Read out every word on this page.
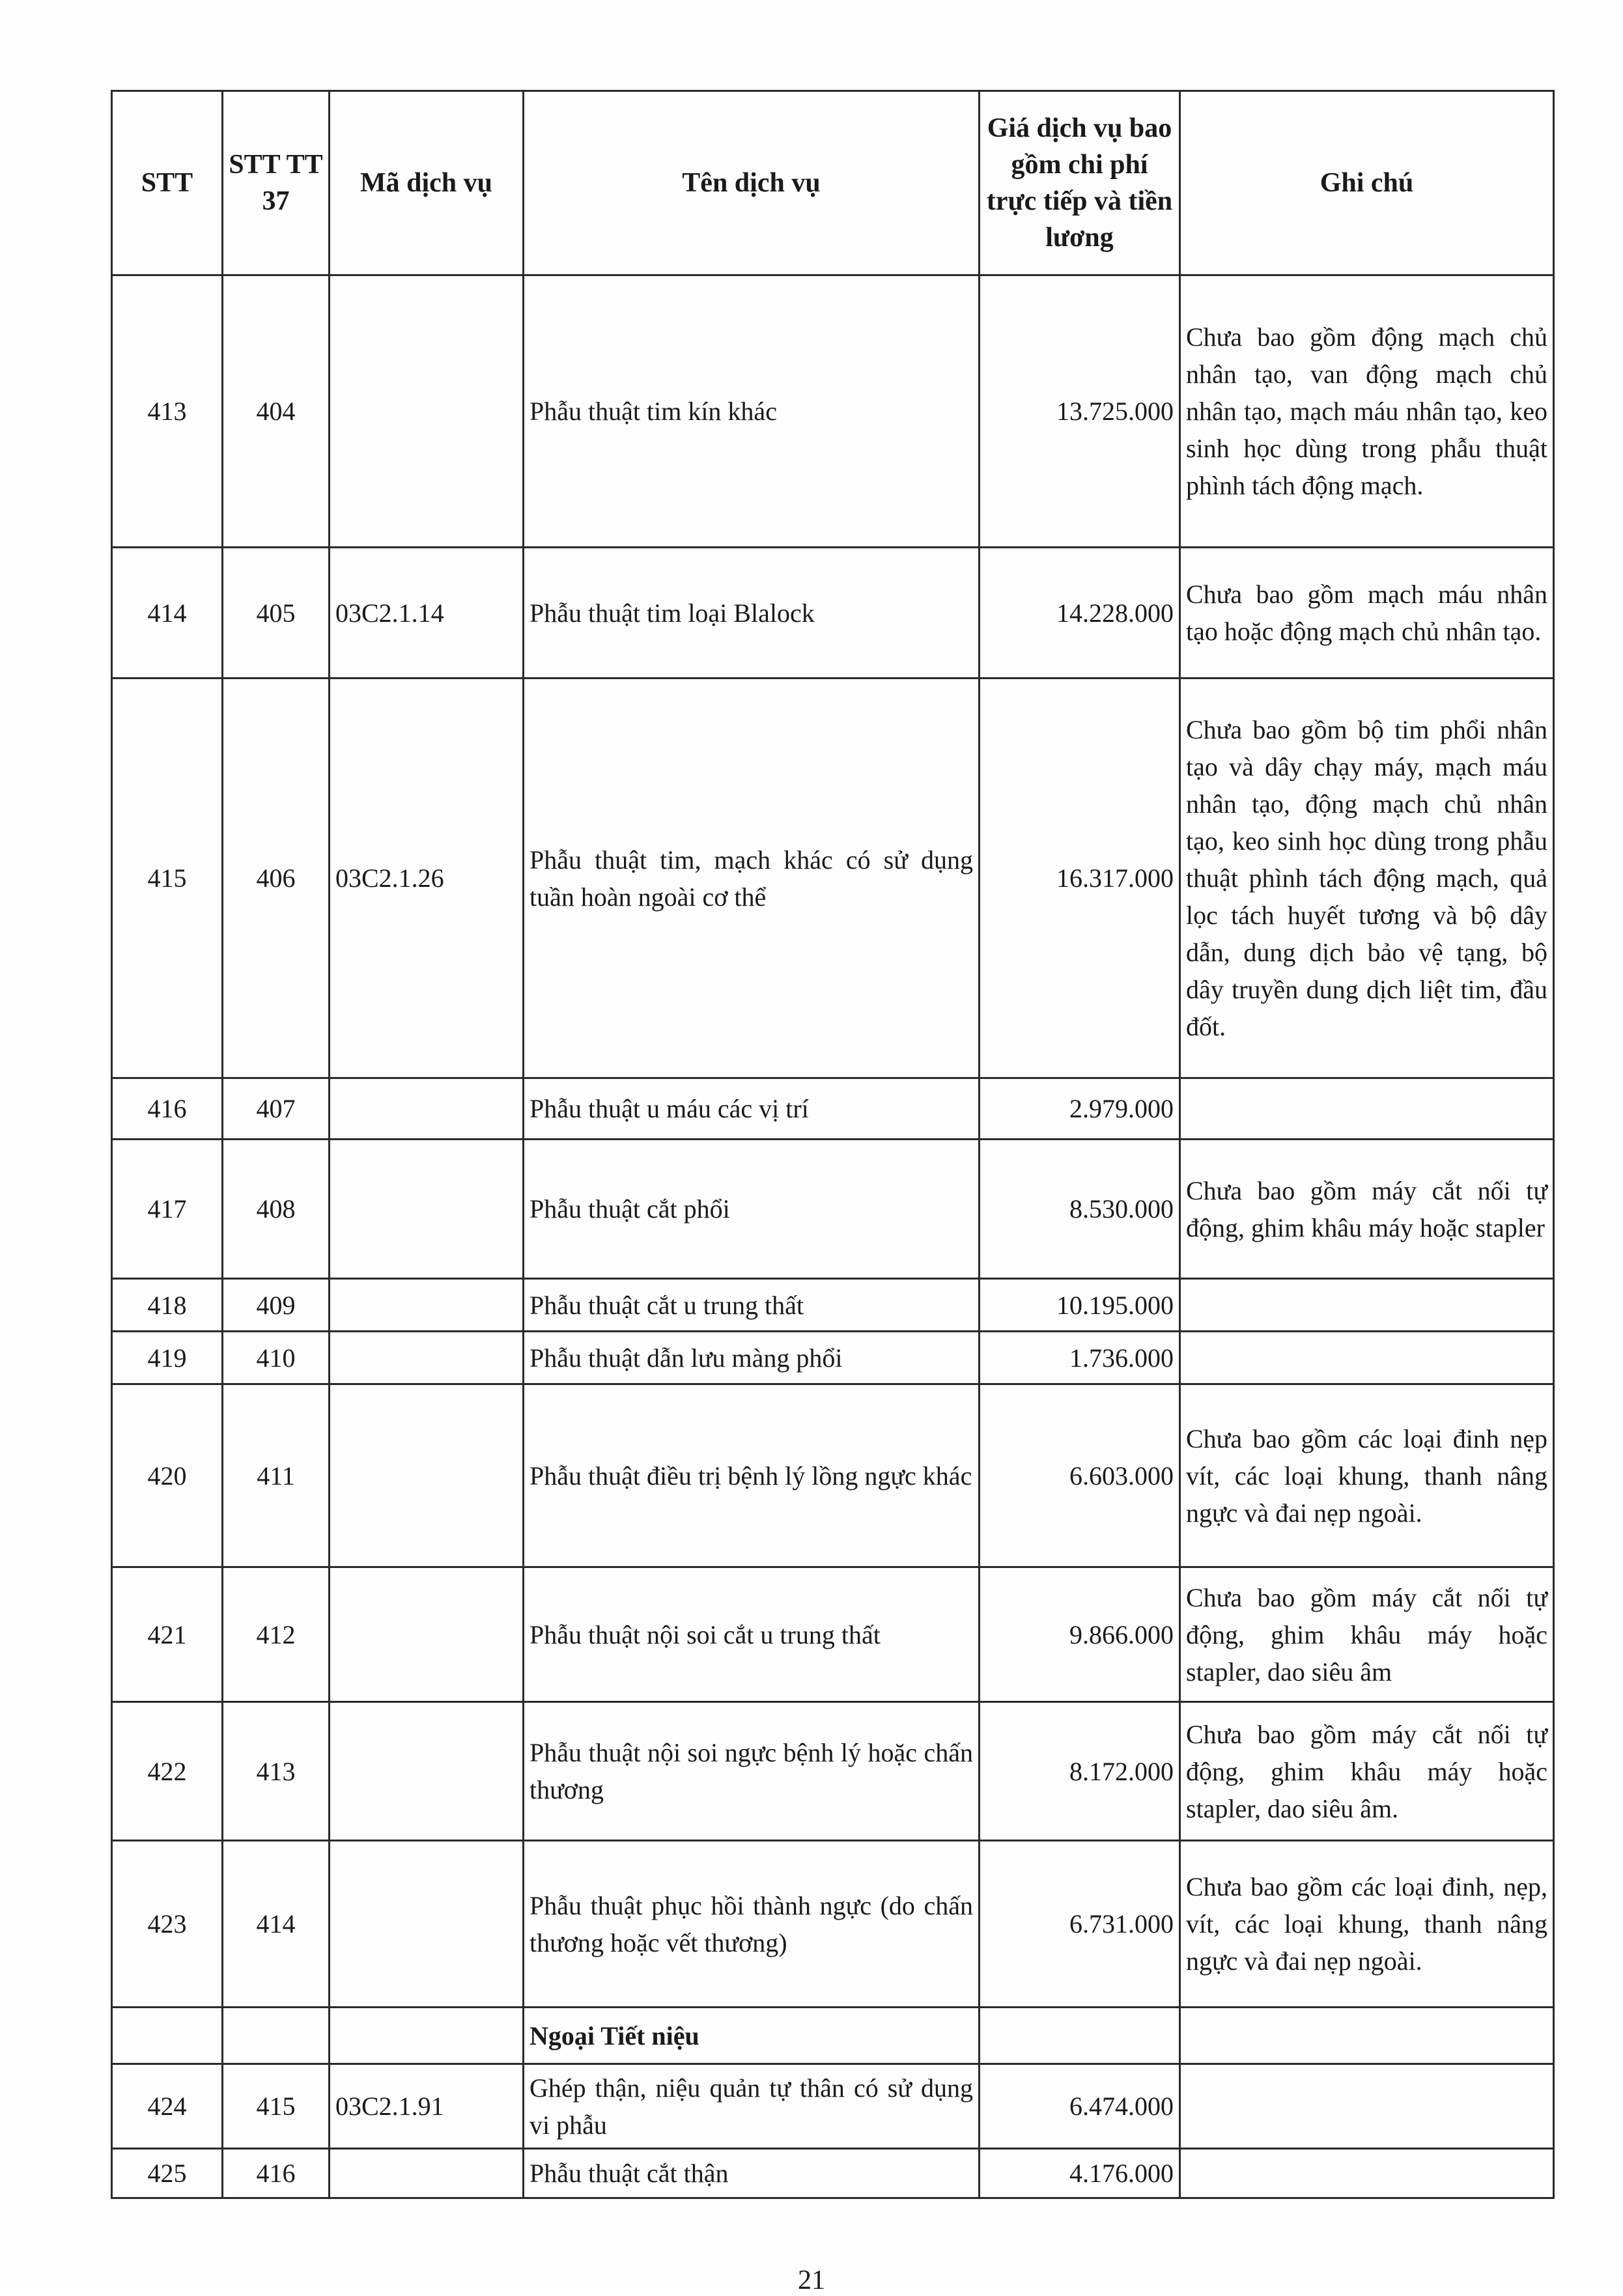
STT	STT TT 37	Mã dịch vụ	Tên dịch vụ	Giá dịch vụ bao gồm chi phí trực tiếp và tiền lương	Ghi chú
413	404		Phẫu thuật tim kín khác	13.725.000	Chưa bao gồm động mạch chủ nhân tạo, van động mạch chủ nhân tạo, mạch máu nhân tạo, keo sinh học dùng trong phẫu thuật phình tách động mạch.
414	405	03C2.1.14	Phẫu thuật tim loại Blalock	14.228.000	Chưa bao gồm mạch máu nhân tạo hoặc động mạch chủ nhân tạo.
415	406	03C2.1.26	Phẫu thuật tim, mạch khác có sử dụng tuần hoàn ngoài cơ thể	16.317.000	Chưa bao gồm bộ tim phổi nhân tạo và dây chạy máy, mạch máu nhân tạo, động mạch chủ nhân tạo, keo sinh học dùng trong phẫu thuật phình tách động mạch, quả lọc tách huyết tương và bộ dây dẫn, dung dịch bảo vệ tạng, bộ dây truyền dung dịch liệt tim, đầu đốt.
416	407		Phẫu thuật u máu các vị trí	2.979.000	
417	408		Phẫu thuật cắt phổi	8.530.000	Chưa bao gồm máy cắt nối tự động, ghim khâu máy hoặc stapler
418	409		Phẫu thuật cắt u trung thất	10.195.000	
419	410		Phẫu thuật dẫn lưu màng phổi	1.736.000	
420	411		Phẫu thuật điều trị bệnh lý lồng ngực khác	6.603.000	Chưa bao gồm các loại đinh nẹp vít, các loại khung, thanh nâng ngực và đai nẹp ngoài.
421	412		Phẫu thuật nội soi cắt u trung thất	9.866.000	Chưa bao gồm máy cắt nối tự động, ghim khâu máy hoặc stapler, dao siêu âm
422	413		Phẫu thuật nội soi ngực bệnh lý hoặc chấn thương	8.172.000	Chưa bao gồm máy cắt nối tự động, ghim khâu máy hoặc stapler, dao siêu âm.
423	414		Phẫu thuật phục hồi thành ngực (do chấn thương hoặc vết thương)	6.731.000	Chưa bao gồm các loại đinh, nẹp, vít, các loại khung, thanh nâng ngực và đai nẹp ngoài.
			Ngoại Tiết niệu		
424	415	03C2.1.91	Ghép thận, niệu quản tự thân có sử dụng vi phẫu	6.474.000	
425	416		Phẫu thuật cắt thận	4.176.000	
21
